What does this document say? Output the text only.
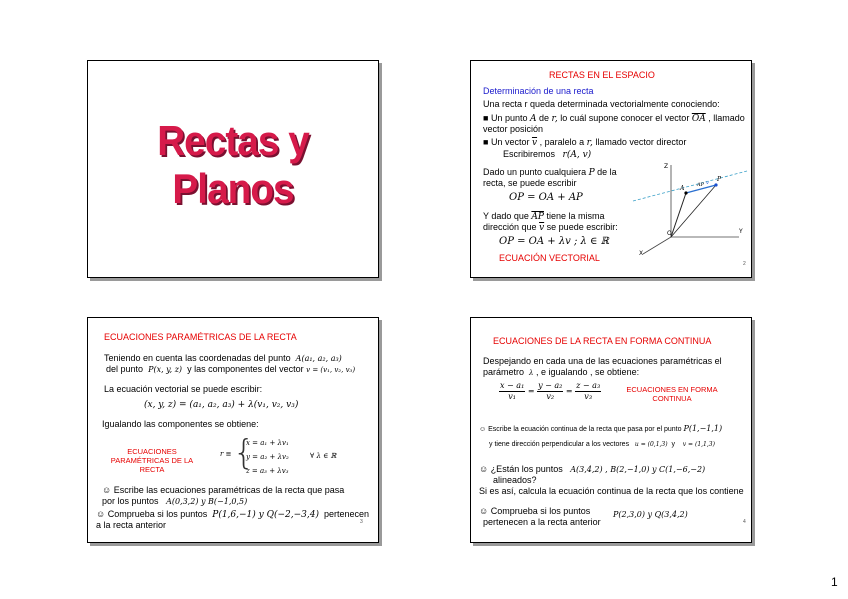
Rectas y Planos
RECTAS EN EL ESPACIO
Determinación de una recta
Una recta r queda determinada vectorialmente conociendo:
■ Un punto A de r, lo cuál supone conocer el vector $\overline{OA}$ , llamado
vector posición
■ Un vector $\overline{v}$ , paralelo a r, llamado vector director
Escribiremos r(A, v)
Dado un punto cualquiera P de la
recta, se puede escribir
OP = OA + AP
Y dado que $\overline{AP}$ tiene la misma
dirección que $\overline{v}$ se puede escribir:
OP = OA + λv ; λ ∈ ℝ
ECUACIÓN VECTORIAL
2
Z
Y
X
O
A
P
AP v
ECUACIONES PARAMÉTRICAS DE LA RECTA
Teniendo en cuenta las coordenadas del punto A(a₁, a₂, a₃)
del punto P(x, y, z) y las componentes del vector v = (v₁, v₂, v₃)
La ecuación vectorial se puede escribir:
(x, y, z) = (a₁, a₂, a₃) + λ(v₁, v₂, v₃)
Igualando las componentes se obtiene:
ECUACIONES
PARAMÉTRICAS DE LA
RECTA
r ≡ {
x = a₁ + λv₁
y = a₂ + λv₂
z = a₃ + λv₃
∀ λ ∈ ℝ
☺ Escribe las ecuaciones paramétricas de la recta que pasa
por los puntos A(0,3,2) y B(−1,0,5)
☺ Comprueba si los puntos P(1,6,−1) y Q(−2,−3,4) pertenecen
a la recta anterior	3
ECUACIONES DE LA RECTA EN FORMA CONTINUA
Despejando en cada una de las ecuaciones paramétricas el
parámetro λ , e igualando , se obtiene:
$\frac{\text{x − a₁}}{\text{v₁}} = \frac{\text{y − a₂}}{\text{v₂}} = \frac{\text{z − a₃}}{\text{v₃}}$	ECUACIONES EN FORMA
CONTINUA
☺ Escribe la ecuación continua de la recta que pasa por el punto P(1,−1,1)
y tiene dirección perpendicular a los vectores u = (0,1,3) y v = (1,1,3)
☺ ¿Están los puntos A(3,4,2) , B(2,−1,0) y C(1,−6,−2)
alineados?
Si es así, calcula la ecuación continua de la recta que los contiene
☺ Comprueba si los puntos	P(2,3,0) y Q(3,4,2)
pertenecen a la recta anterior	4
1
